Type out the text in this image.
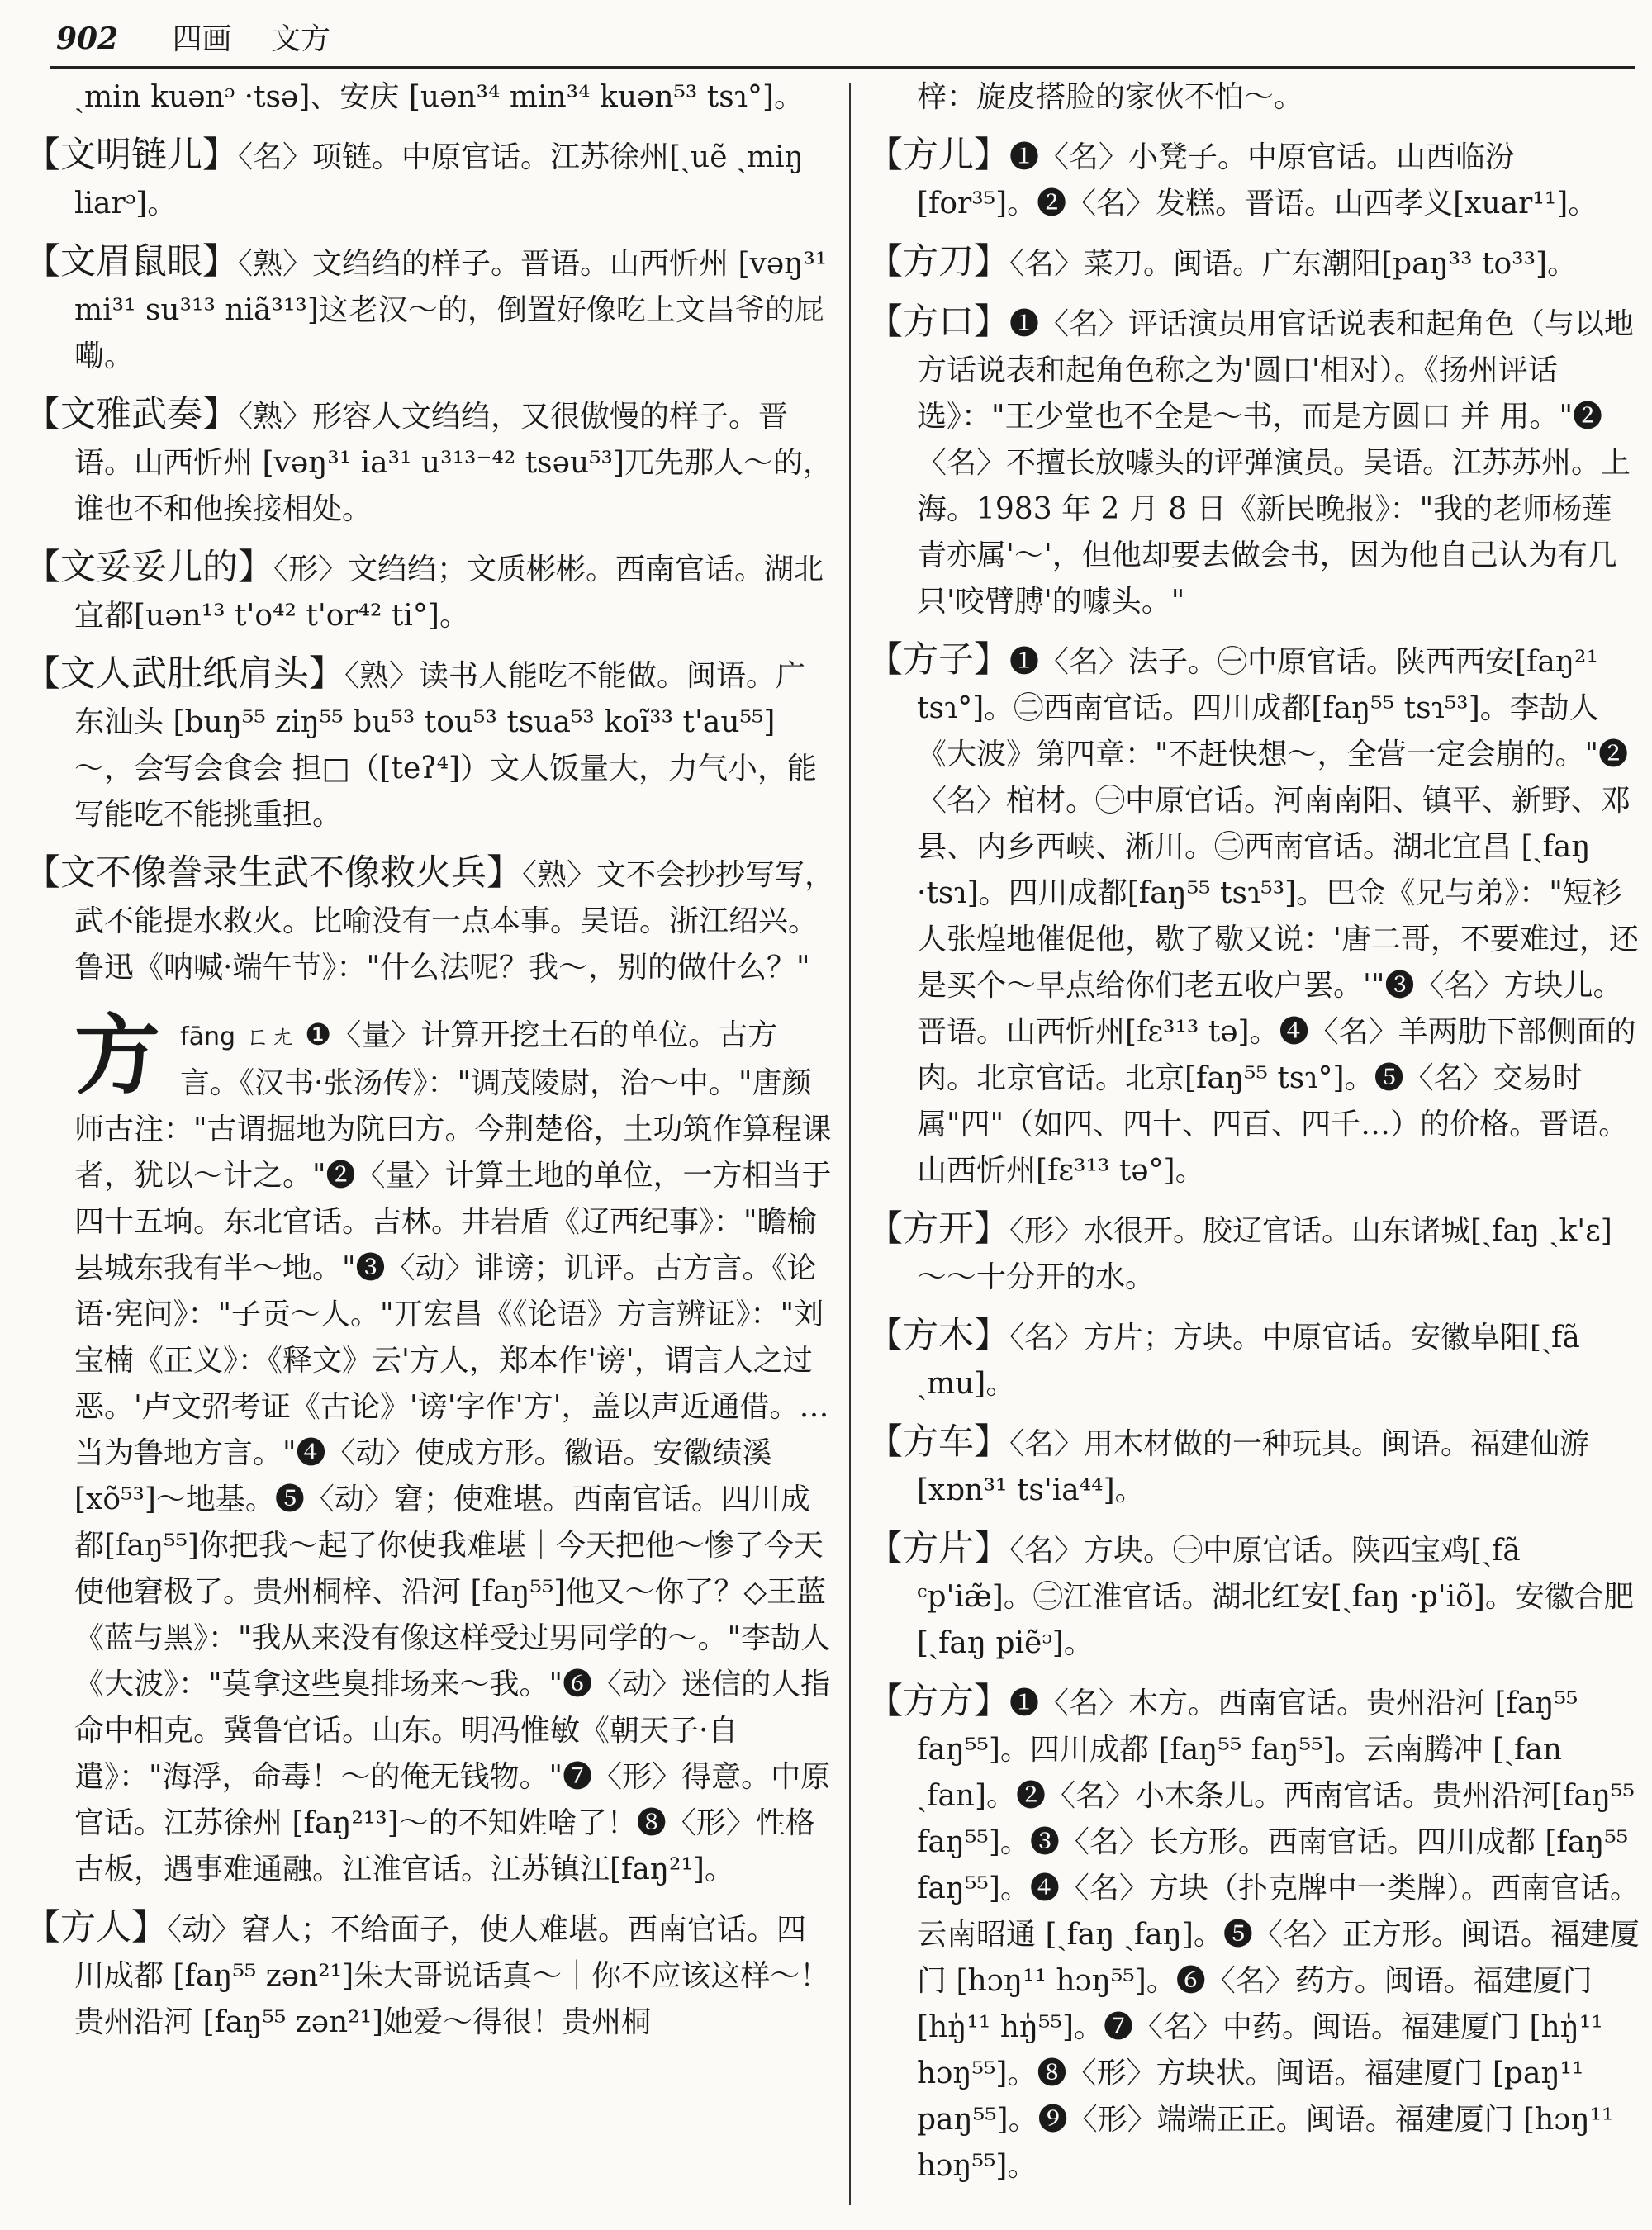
902 四画 文方

ˏmin kuənᵓ ·tsə]、安庆 [uən³⁴ min³⁴ kuən⁵³ tsɿ°]。

【文明链儿】〈名〉项链。中原官话。江苏徐州[ˏuẽ ˏmiŋ liarᵓ]。

【文眉鼠眼】〈熟〉文绉绉的样子。晋语。山西忻州 [vəŋ³¹ mi³¹ su³¹³ niã³¹³]这老汉～的，倒置好像吃上文昌爷的屁嘞。

【文雅武奏】〈熟〉形容人文绉绉，又很傲慢的样子。晋语。山西忻州 [vəŋ³¹ ia³¹ u³¹³⁻⁴² tsəu⁵³]兀先那人～的，谁也不和他挨接相处。

【文妥妥儿的】〈形〉文绉绉；文质彬彬。西南官话。湖北宜都[uən¹³ t'o⁴² t'or⁴² ti°]。

【文人武肚纸肩头】〈熟〉读书人能吃不能做。闽语。广东汕头 [buŋ⁵⁵ ziŋ⁵⁵ bu⁵³ tou⁵³ tsua⁵³ koĩ³³ t'au⁵⁵]～，会写会食会 担□（[teʔ⁴]）文人饭量大，力气小，能写能吃不能挑重担。

【文不像誊录生武不像救火兵】〈熟〉文不会抄抄写写，武不能提水救火。比喻没有一点本事。吴语。浙江绍兴。鲁迅《呐喊·端午节》："什么法呢？我～，别的做什么？"

方 fāng ㄈㄤ ❶〈量〉计算开挖土石的单位。古方言。《汉书·张汤传》："调茂陵尉，治～中。"唐颜师古注："古谓掘地为阬曰方。今荆楚俗，土功筑作算程课者，犹以～计之。"❷〈量〉计算土地的单位，一方相当于四十五垧。东北官话。吉林。井岩盾《辽西纪事》："瞻榆县城东我有半～地。"❸〈动〉诽谤；讥评。古方言。《论语·宪问》："子贡～人。"丌宏昌《《论语》方言辨证》："刘宝楠《正义》：《释文》云'方人，郑本作'谤'，谓言人之过恶。'卢文弨考证《古论》'谤'字作'方'，盖以声近通借。…当为鲁地方言。"❹〈动〉使成方形。徽语。安徽绩溪[xõ⁵³]～地基。❺〈动〉窘；使难堪。西南官话。四川成都[faŋ⁵⁵]你把我～起了你使我难堪｜今天把他～惨了今天使他窘极了。贵州桐梓、沿河 [faŋ⁵⁵]他又～你了？◇王蓝《蓝与黑》："我从来没有像这样受过男同学的～。"李劼人《大波》："莫拿这些臭排场来～我。"❻〈动〉迷信的人指命中相克。冀鲁官话。山东。明冯惟敏《朝天子·自遣》："海浮，命毒！～的俺无钱物。"❼〈形〉得意。中原官话。江苏徐州 [faŋ²¹³]～的不知姓啥了！❽〈形〉性格古板，遇事难通融。江淮官话。江苏镇江[faŋ²¹]。

【方人】〈动〉窘人；不给面子，使人难堪。西南官话。四川成都 [faŋ⁵⁵ zən²¹]朱大哥说话真～｜你不应该这样～！贵州沿河 [faŋ⁵⁵ zən²¹]她爱～得很！贵州桐

梓：旋皮搭脸的家伙不怕～。

【方儿】❶〈名〉小凳子。中原官话。山西临汾 [for³⁵]。❷〈名〉发糕。晋语。山西孝义[xuar¹¹]。

【方刀】〈名〉菜刀。闽语。广东潮阳[paŋ³³ to³³]。

【方口】❶〈名〉评话演员用官话说表和起角色（与以地方话说表和起角色称之为'圆口'相对）。《扬州评话选》："王少堂也不全是～书，而是方圆口 并 用。"❷〈名〉不擅长放噱头的评弹演员。吴语。江苏苏州。上海。1983 年 2 月 8 日《新民晚报》："我的老师杨莲青亦属'～'，但他却要去做会书，因为他自己认为有几只'咬臂膊'的噱头。"

【方子】❶〈名〉法子。㊀中原官话。陕西西安[faŋ²¹ tsɿ°]。㊁西南官话。四川成都[faŋ⁵⁵ tsɿ⁵³]。李劼人《大波》第四章："不赶快想～，全营一定会崩的。"❷〈名〉棺材。㊀中原官话。河南南阳、镇平、新野、邓县、内乡西峡、淅川。㊁西南官话。湖北宜昌 [ˏfaŋ ·tsɿ]。四川成都[faŋ⁵⁵ tsɿ⁵³]。巴金《兄与弟》："短衫人张煌地催促他，歇了歇又说：'唐二哥，不要难过，还是买个～早点给你们老五收户罢。'"❸〈名〉方块儿。晋语。山西忻州[fɛ³¹³ tə]。❹〈名〉羊两肋下部侧面的肉。北京官话。北京[faŋ⁵⁵ tsɿ°]。❺〈名〉交易时属"四"（如四、四十、四百、四千…）的价格。晋语。山西忻州[fɛ³¹³ tə°]。

【方开】〈形〉水很开。胶辽官话。山东诸城[ˏfaŋ ˏk'ɛ] ～～十分开的水。

【方木】〈名〉方片；方块。中原官话。安徽阜阳[ˏfã ˏmu]。

【方车】〈名〉用木材做的一种玩具。闽语。福建仙游 [xɒn³¹ ts'ia⁴⁴]。

【方片】〈名〉方块。㊀中原官话。陕西宝鸡[ˏfã ᶜp'iæ̃]。㊁江淮官话。湖北红安[ˏfaŋ ·p'iõ]。安徽合肥[ˏfaŋ piẽᵓ]。

【方方】❶〈名〉木方。西南官话。贵州沿河 [faŋ⁵⁵ faŋ⁵⁵]。四川成都 [faŋ⁵⁵ faŋ⁵⁵]。云南腾冲 [ˏfan ˏfan]。❷〈名〉小木条儿。西南官话。贵州沿河[faŋ⁵⁵ faŋ⁵⁵]。❸〈名〉长方形。西南官话。四川成都 [faŋ⁵⁵ faŋ⁵⁵]。❹〈名〉方块（扑克牌中一类牌）。西南官话。云南昭通 [ˏfaŋ ˏfaŋ]。❺〈名〉正方形。闽语。福建厦门 [hɔŋ¹¹ hɔŋ⁵⁵]。❻〈名〉药方。闽语。福建厦门 [hŋ̍¹¹ hŋ̍⁵⁵]。❼〈名〉中药。闽语。福建厦门 [hŋ̍¹¹ hɔŋ⁵⁵]。❽〈形〉方块状。闽语。福建厦门 [paŋ¹¹ paŋ⁵⁵]。❾〈形〉端端正正。闽语。福建厦门 [hɔŋ¹¹ hɔŋ⁵⁵]。
